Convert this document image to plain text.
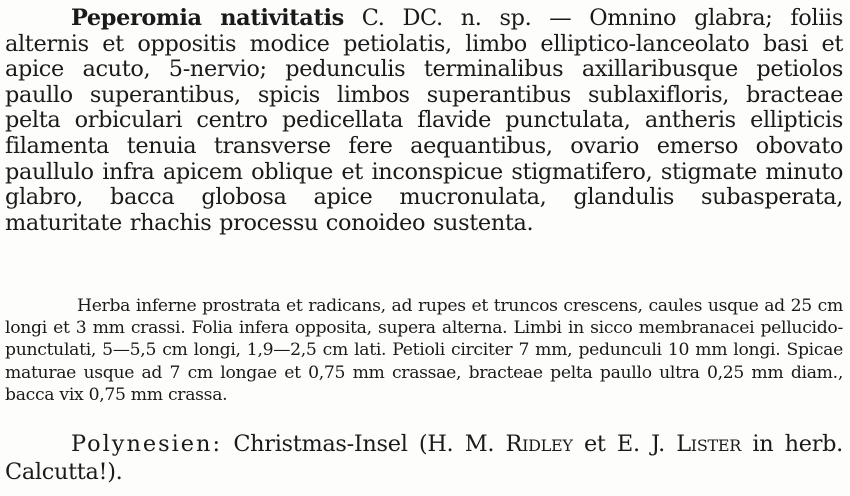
Peperomia nativitatis C. DC. n. sp. — Omnino glabra; foliis alternis et oppositis modice petiolatis, limbo elliptico-lanceolato basi et apice acuto, 5-nervio; pedunculis terminalibus axillaribusque petiolos paullo superantibus, spicis limbos superantibus sublaxifloris, bracteae pelta orbiculari centro pedicellata flavide punctulata, antheris ellipticis filamenta tenuia transverse fere aequantibus, ovario emerso obovato paullulo infra apicem oblique et inconspicue stigmatifero, stigmate minuto glabro, bacca globosa apice mucronulata, glandulis subasperata, maturitate rhachis processu conoideo sustenta.

Herba inferne prostrata et radicans, ad rupes et truncos crescens, caules usque ad 25 cm longi et 3 mm crassi. Folia infera opposita, supera alterna. Limbi in sicco membranacei pellucido-punctulati, 5—5,5 cm longi, 1,9—2,5 cm lati. Petioli circiter 7 mm, pedunculi 10 mm longi. Spicae maturae usque ad 7 cm longae et 0,75 mm crassae, bracteae pelta paullo ultra 0,25 mm diam., bacca vix 0,75 mm crassa.

Polynesien: Christmas-Insel (H. M. Ridley et E. J. Lister in herb. Calcutta!).
